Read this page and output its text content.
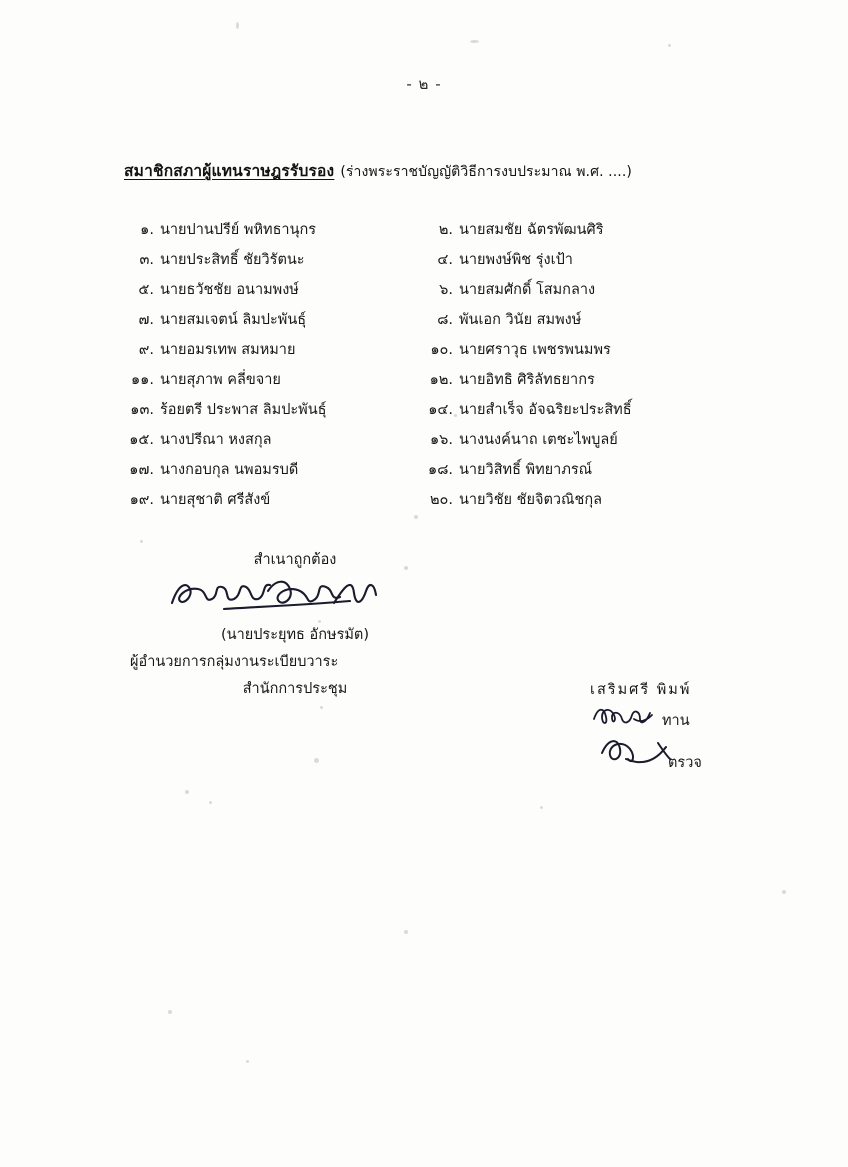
- ๒ -
สมาชิกสภาผู้แทนราษฎรรับรอง (ร่างพระราชบัญญัติวิธีการงบประมาณ พ.ศ. ....)
๑. นายปานปรีย์ พหิทธานุกร	๒. นายสมชัย ฉัตรพัฒนศิริ
๓. นายประสิทธิ์ ชัยวิรัตนะ	๔. นายพงษ์พิช รุ่งเป้า
๕. นายธวัชชัย อนามพงษ์	๖. นายสมศักดิ์ โสมกลาง
๗. นายสมเจตน์ ลิมปะพันธุ์	๘. พันเอก วินัย สมพงษ์
๙. นายอมรเทพ สมหมาย	๑๐. นายศราวุธ เพชรพนมพร
๑๑. นายสุภาพ คลี่ขจาย	๑๒. นายอิทธิ ศิริลัทธยากร
๑๓. ร้อยตรี ประพาส ลิมปะพันธุ์	๑๔. นายสำเร็จ อัจฉริยะประสิทธิ์
๑๕. นางปรีณา หงสกุล	๑๖. นางนงค์นาถ เตชะไพบูลย์
๑๗. นางกอบกุล นพอมรบดี	๑๘. นายวิสิทธิ์ พิทยาภรณ์
๑๙. นายสุชาติ ศรีสังข์	๒๐. นายวิชัย ชัยจิตวณิชกุล
สำเนาถูกต้อง
(นายประยุทธ อักษรมัต)
ผู้อำนวยการกลุ่มงานระเบียบวาระ
สำนักการประชุม	เสริมศรี พิมพ์
ทาน
ตรวจ
